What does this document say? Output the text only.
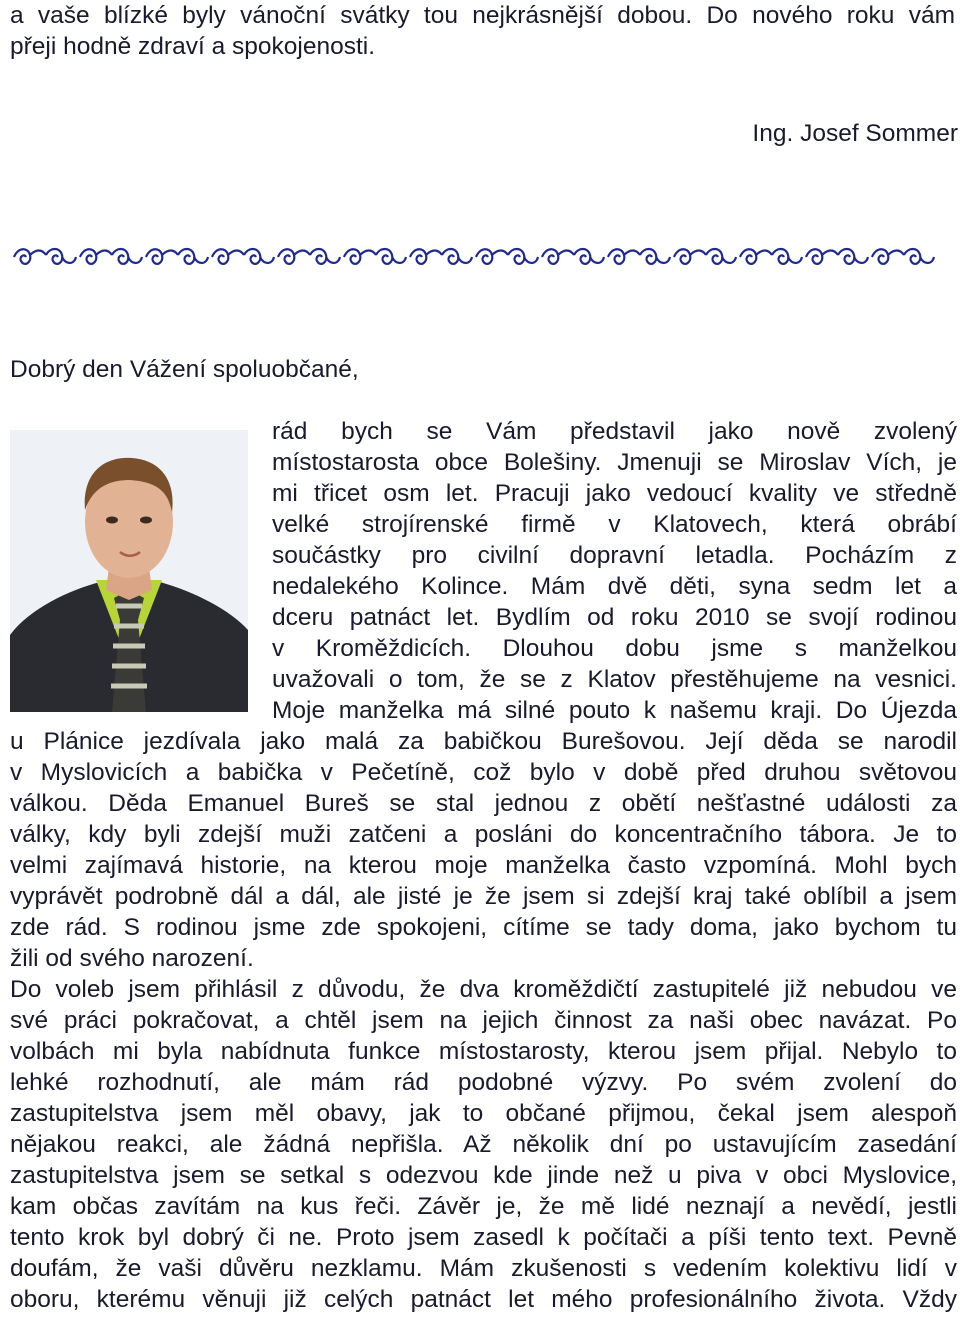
a vaše blízké byly vánoční svátky tou nejkrásnější dobou. Do nového roku vám
přeji hodně zdraví a spokojenosti.

Ing. Josef Sommer

Dobrý den Vážení spoluobčané,

rád bych se Vám představil jako nově zvolený

místostarosta obce Bolešiny. Jmenuji se Miroslav Vích, je

mi třicet osm let. Pracuji jako vedoucí kvality ve středně

velké strojírenské firmě v Klatovech, která obrábí

součástky pro civilní dopravní letadla. Pocházím z

nedalekého Kolince. Mám dvě děti, syna sedm let a

dceru patnáct let. Bydlím od roku 2010 se svojí rodinou

v Kroměždicích. Dlouhou dobu jsme s manželkou

uvažovali o tom, že se z Klatov přestěhujeme na vesnici.

Moje manželka má silné pouto k našemu kraji. Do Újezda

u Plánice jezdívala jako malá za babičkou Burešovou. Její děda se narodil

v Myslovicích a babička v Pečetíně, což bylo v době před druhou světovou

válkou. Děda Emanuel Bureš se stal jednou z obětí nešťastné události za

války, kdy byli zdejší muži zatčeni a posláni do koncentračního tábora. Je to

velmi zajímavá historie, na kterou moje manželka často vzpomíná. Mohl bych

vyprávět podrobně dál a dál, ale jisté je že jsem si zdejší kraj také oblíbil a jsem

zde rád. S rodinou jsme zde spokojeni, cítíme se tady doma, jako bychom tu

žili od svého narození.

Do voleb jsem přihlásil z důvodu, že dva kroměždičtí zastupitelé již nebudou ve

své práci pokračovat, a chtěl jsem na jejich činnost za naši obec navázat. Po

volbách mi byla nabídnuta funkce místostarosty, kterou jsem přijal. Nebylo to

lehké rozhodnutí, ale mám rád podobné výzvy. Po svém zvolení do

zastupitelstva jsem měl obavy, jak to občané přijmou, čekal jsem alespoň

nějakou reakci, ale žádná nepřišla. Až několik dní po ustavujícím zasedání

zastupitelstva jsem se setkal s odezvou kde jinde než u piva v obci Myslovice,

kam občas zavítám na kus řeči. Závěr je, že mě lidé neznají a nevědí, jestli

tento krok byl dobrý či ne. Proto jsem zasedl k počítači a píši tento text. Pevně

doufám, že vaši důvěru nezklamu. Mám zkušenosti s vedením kolektivu lidí v

oboru, kterému věnuji již celých patnáct let mého profesionálního života. Vždy
